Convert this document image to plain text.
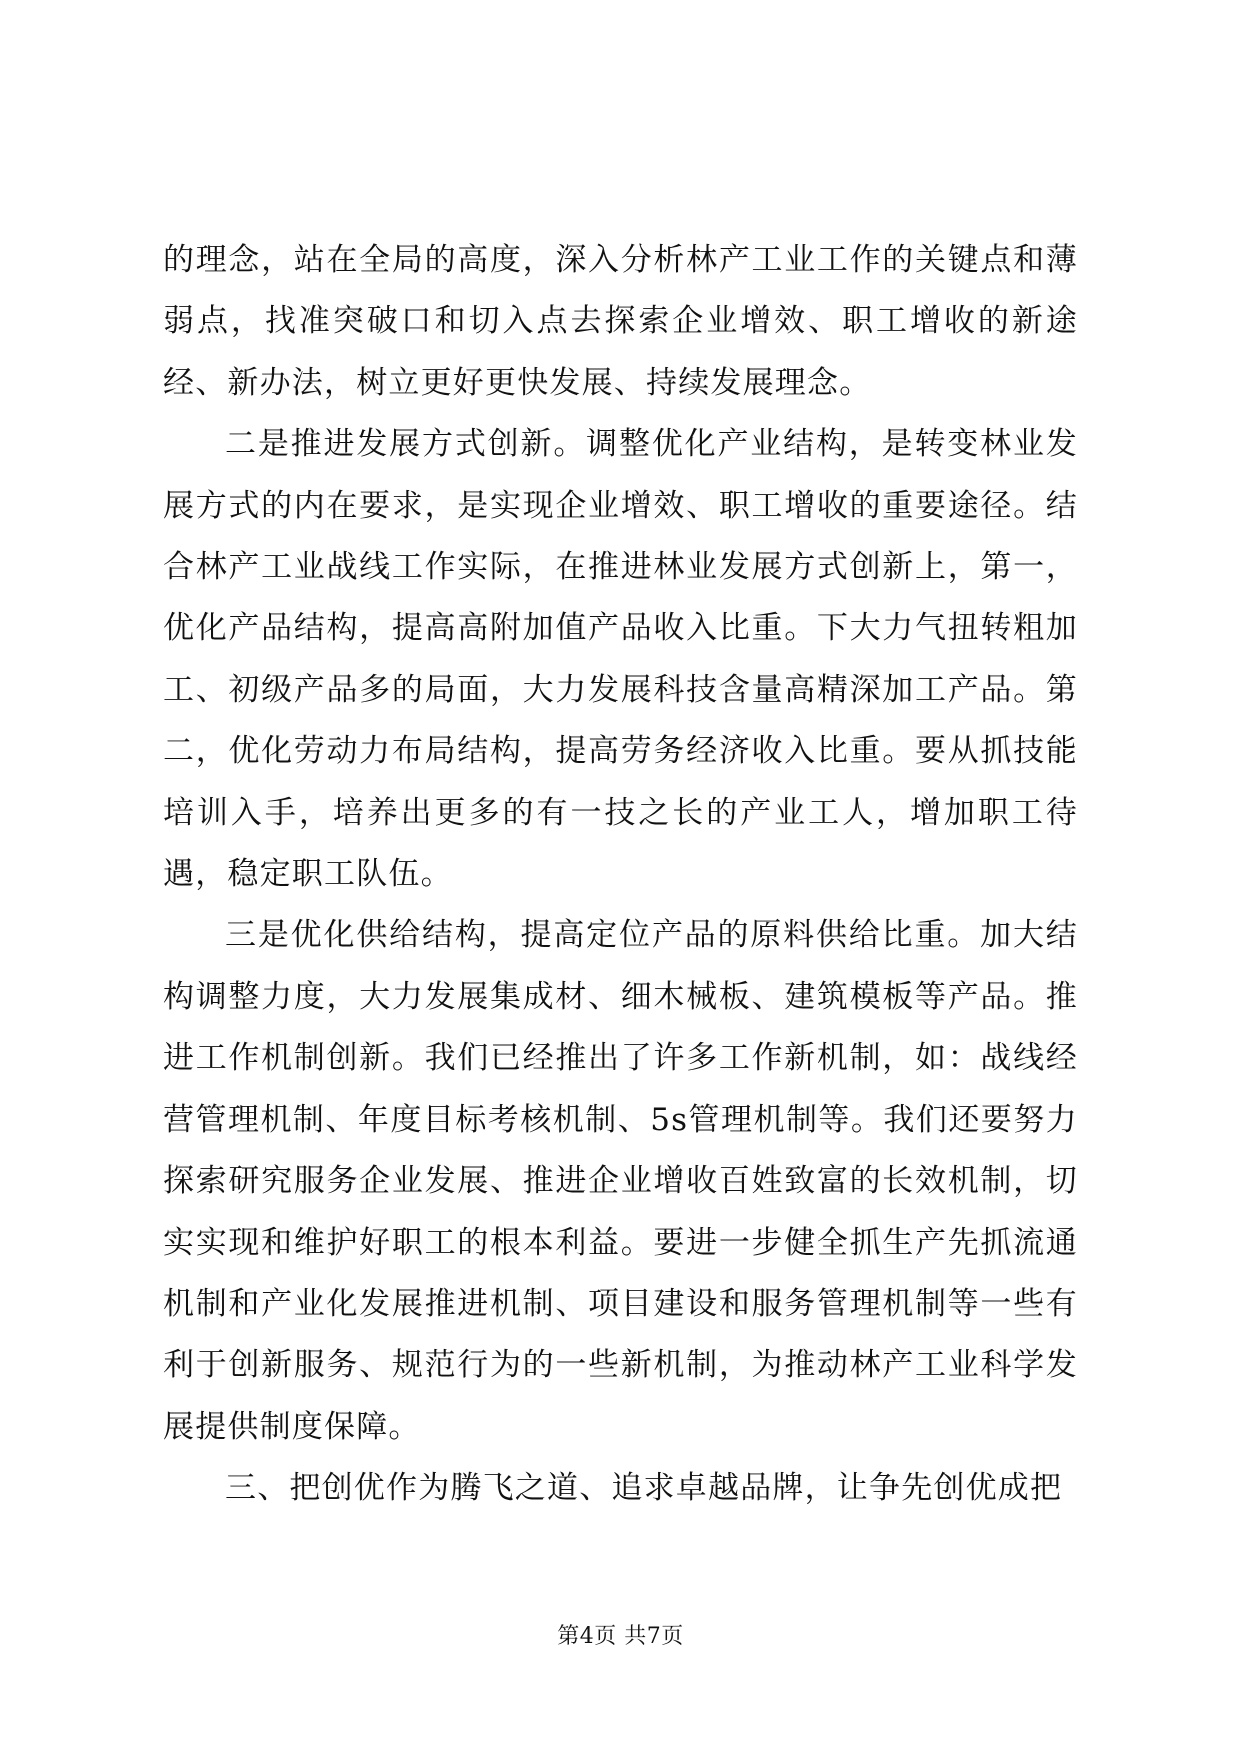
的理念，站在全局的高度，深入分析林产工业工作的关键点和薄弱点，找准突破口和切入点去探索企业增效、职工增收的新途经、新办法，树立更好更快发展、持续发展理念。

二是推进发展方式创新。调整优化产业结构，是转变林业发展方式的内在要求，是实现企业增效、职工增收的重要途径。结合林产工业战线工作实际，在推进林业发展方式创新上，第一，优化产品结构，提高高附加值产品收入比重。下大力气扭转粗加工、初级产品多的局面，大力发展科技含量高精深加工产品。第二，优化劳动力布局结构，提高劳务经济收入比重。要从抓技能培训入手，培养出更多的有一技之长的产业工人，增加职工待遇，稳定职工队伍。

三是优化供给结构，提高定位产品的原料供给比重。加大结构调整力度，大力发展集成材、细木械板、建筑模板等产品。推进工作机制创新。我们已经推出了许多工作新机制，如：战线经营管理机制、年度目标考核机制、5s管理机制等。我们还要努力探索研究服务企业发展、推进企业增收百姓致富的长效机制，切实实现和维护好职工的根本利益。要进一步健全抓生产先抓流通机制和产业化发展推进机制、项目建设和服务管理机制等一些有利于创新服务、规范行为的一些新机制，为推动林产工业科学发展提供制度保障。

三、把创优作为腾飞之道、追求卓越品牌，让争先创优成把

第4页 共7页
